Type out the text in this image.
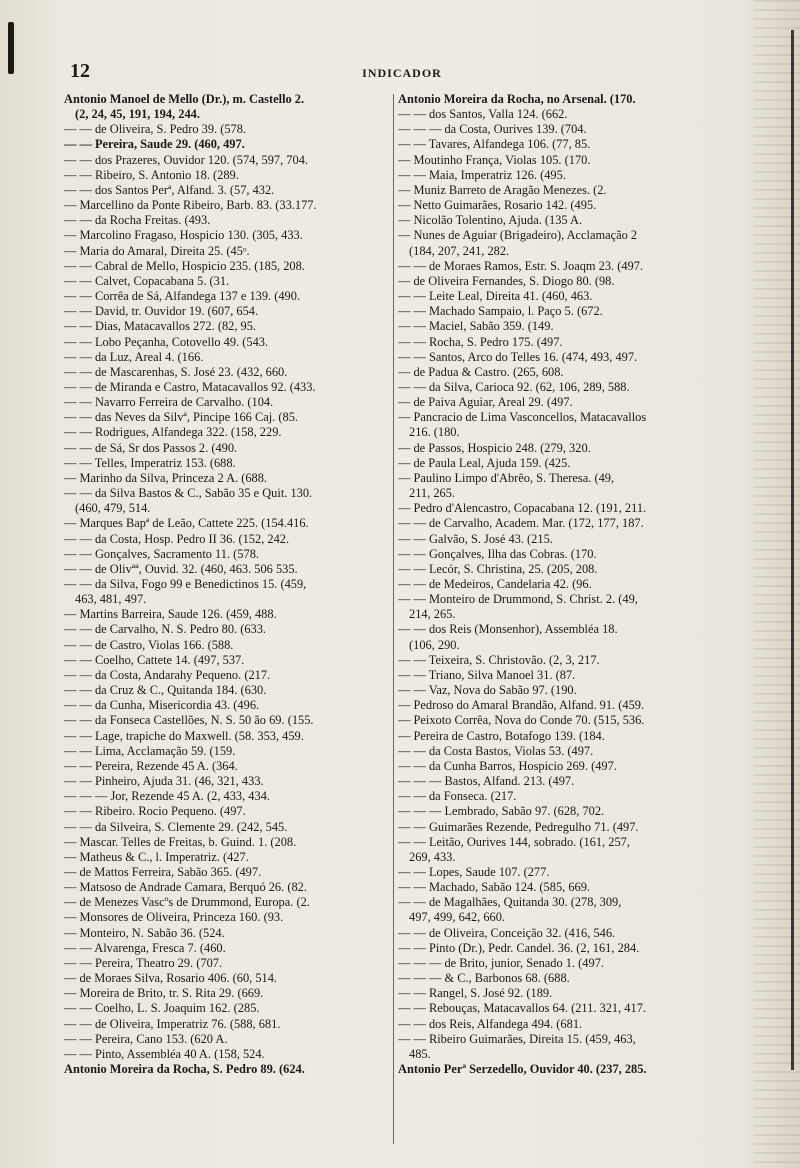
12	INDICADOR
Antonio Manoel de Mello (Dr.), m. Castello 2.
(2, 24, 45, 191, 194, 244.
— — de Oliveira, S. Pedro 39. (578.
— — Pereira, Saude 29. (460, 497.
— — dos Prazeres, Ouvidor 120. (574, 597, 704.
— — Ribeiro, S. Antonio 18. (289.
— — dos Santos Perª, Alfand. 3. (57, 432.
— Marcellino da Ponte Ribeiro, Barb. 83. (33.177.
— — da Rocha Freitas. (493.
— Marcolino Fragaso, Hospicio 130. (305, 433.
— Maria do Amaral, Direita 25. (45ᵒ.
— — Cabral de Mello, Hospicio 235. (185, 208.
— — Calvet, Copacabana 5. (31.
— — Corrêa de Sá, Alfandega 137 e 139. (490.
— — David, tr. Ouvidor 19. (607, 654.
— — Dias, Matacavallos 272. (82, 95.
— — Lobo Peçanha, Cotovello 49. (543.
— — da Luz, Areal 4. (166.
— — de Mascarenhas, S. José 23. (432, 660.
— — de Miranda e Castro, Matacavallos 92. (433.
— — Navarro Ferreira de Carvalho. (104.
— — das Neves da Silvª, Pincipe 166 Caj. (85.
— — Rodrigues, Alfandega 322. (158, 229.
— — de Sá, Sr dos Passos 2. (490.
— — Telles, Imperatriz 153. (688.
— Marinho da Silva, Princeza 2 A. (688.
— — da Silva Bastos & C., Sabão 35 e Quit. 130.
(460, 479, 514.
— Marques Bapª de Leão, Cattete 225. (154.416.
— — da Costa, Hosp. Pedro II 36. (152, 242.
— — Gonçalves, Sacramento 11. (578.
— — de Olivªª, Ouvid. 32. (460, 463. 506 535.
— — da Silva, Fogo 99 e Benedictinos 15. (459,
463, 481, 497.
— Martins Barreira, Saude 126. (459, 488.
— — de Carvalho, N. S. Pedro 80. (633.
— — de Castro, Violas 166. (588.
— — Coelho, Cattete 14. (497, 537.
— — da Costa, Andarahy Pequeno. (217.
— — da Cruz & C., Quitanda 184. (630.
— — da Cunha, Misericordia 43. (496.
— — da Fonseca Castellões, N. S. 50 ão 69. (155.
— — Lage, trapiche do Maxwell. (58. 353, 459.
— — Lima, Acclamação 59. (159.
— — Pereira, Rezende 45 A. (364.
— — Pinheiro, Ajuda 31. (46, 321, 433.
— — — Jor, Rezende 45 A. (2, 433, 434.
— — Ribeiro. Rocio Pequeno. (497.
— — da Silveira, S. Clemente 29. (242, 545.
— Mascar. Telles de Freitas, b. Guind. 1. (208.
— Matheus & C., l. Imperatriz. (427.
— de Mattos Ferreira, Sabão 365. (497.
— Matsoso de Andrade Camara, Berquó 26. (82.
— de Menezes Vascºs de Drummond, Europa. (2.
— Monsores de Oliveira, Princeza 160. (93.
— Monteiro, N. Sabão 36. (524.
— — Alvarenga, Fresca 7. (460.
— — Pereira, Theatro 29. (707.
— de Moraes Silva, Rosario 406. (60, 514.
— Moreira de Brito, tr. S. Rita 29. (669.
— — Coelho, L. S. Joaquim 162. (285.
— — de Oliveira, Imperatriz 76. (588, 681.
— — Pereira, Cano 153. (620 A.
— — Pinto, Assembléa 40 A. (158, 524.
Antonio Moreira da Rocha, S. Pedro 89. (624.
Antonio Moreira da Rocha, no Arsenal. (170.
— — dos Santos, Valla 124. (662.
— — — da Costa, Ourives 139. (704.
— — Tavares, Alfandega 106. (77, 85.
— Moutinho França, Violas 105. (170.
— — Maia, Imperatriz 126. (495.
— Muniz Barreto de Aragão Menezes. (2.
— Netto Guimarães, Rosario 142. (495.
— Nicolão Tolentino, Ajuda. (135 A.
— Nunes de Aguiar (Brigadeiro), Acclamação 2
(184, 207, 241, 282.
— — de Moraes Ramos, Estr. S. Joaqm 23. (497.
— de Oliveira Fernandes, S. Diogo 80. (98.
— — Leite Leal, Direita 41. (460, 463.
— — Machado Sampaio, l. Paço 5. (672.
— — Maciel, Sabão 359. (149.
— — Rocha, S. Pedro 175. (497.
— — Santos, Arco do Telles 16. (474, 493, 497.
— de Padua & Castro. (265, 608.
— — da Silva, Carioca 92. (62, 106, 289, 588.
— de Paiva Aguiar, Areal 29. (497.
— Pancracio de Lima Vasconcellos, Matacavallos
216. (180.
— de Passos, Hospicio 248. (279, 320.
— de Paula Leal, Ajuda 159. (425.
— Paulino Limpo d'Abrêo, S. Theresa. (49,
211, 265.
— Pedro d'Alencastro, Copacabana 12. (191, 211.
— — de Carvalho, Academ. Mar. (172, 177, 187.
— — Galvão, S. José 43. (215.
— — Gonçalves, Ilha das Cobras. (170.
— — Lecór, S. Christina, 25. (205, 208.
— — de Medeiros, Candelaria 42. (96.
— — Monteiro de Drummond, S. Christ. 2. (49,
214, 265.
— — dos Reis (Monsenhor), Assembléa 18.
(106, 290.
— — Teixeira, S. Christovão. (2, 3, 217.
— — Triano, Silva Manoel 31. (87.
— — Vaz, Nova do Sabão 97. (190.
— Pedroso do Amaral Brandão, Alfand. 91. (459.
— Peixoto Corrêa, Nova do Conde 70. (515, 536.
— Pereira de Castro, Botafogo 139. (184.
— — da Costa Bastos, Violas 53. (497.
— — da Cunha Barros, Hospicio 269. (497.
— — — Bastos, Alfand. 213. (497.
— — da Fonseca. (217.
— — — Lembrado, Sabão 97. (628, 702.
— — Guimarães Rezende, Pedregulho 71. (497.
— — Leitão, Ourives 144, sobrado. (161, 257,
269, 433.
— — Lopes, Saude 107. (277.
— — Machado, Sabão 124. (585, 669.
— — de Magalhães, Quitanda 30. (278, 309,
497, 499, 642, 660.
— — de Oliveira, Conceição 32. (416, 546.
— — Pinto (Dr.), Pedr. Candel. 36. (2, 161, 284.
— — — de Brito, junior, Senado 1. (497.
— — — & C., Barbonos 68. (688.
— — Rangel, S. José 92. (189.
— — Rebouças, Matacavallos 64. (211. 321, 417.
— — dos Reis, Alfandega 494. (681.
— — Ribeiro Guimarães, Direita 15. (459, 463,
485.
Antonio Perª Serzedello, Ouvidor 40. (237, 285.
